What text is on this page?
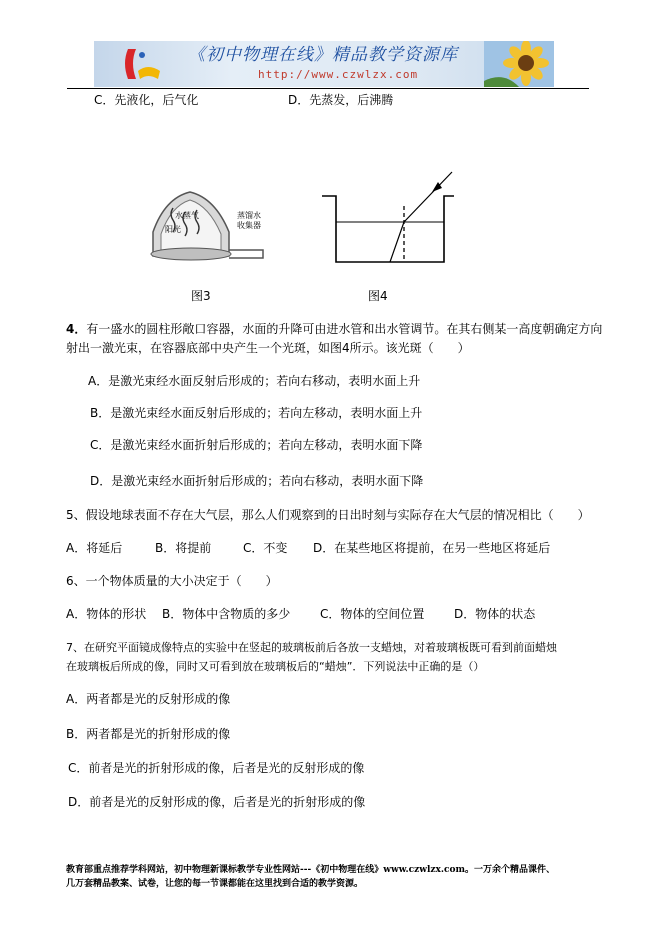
《初中物理在线》精品教学资源库
http://www.czwlzx.com
C．先液化，后气化	D．先蒸发，后沸腾
水蒸气
阳光
蒸馏水
收集器
图3	图4
4．有一盛水的圆柱形敞口容器，水面的升降可由进水管和出水管调节。在其右侧某一高度朝确定方向
射出一激光束，在容器底部中央产生一个光斑，如图4所示。该光斑（　　）
A．是激光束经水面反射后形成的；若向右移动，表明水面上升
B．是激光束经水面反射后形成的；若向左移动，表明水面上升
C．是激光束经水面折射后形成的；若向左移动，表明水面下降
D．是激光束经水面折射后形成的；若向右移动，表明水面下降
5、假设地球表面不存在大气层，那么人们观察到的日出时刻与实际存在大气层的情况相比（　　）
A．将延后	B．将提前	C．不变 D．在某些地区将提前，在另一些地区将延后
6、一个物体质量的大小决定于（　　）
A．物体的形状 B．物体中含物质的多少 C．物体的空间位置 D．物体的状态
7、在研究平面镜成像特点的实验中在竖起的玻璃板前后各放一支蜡烛，对着玻璃板既可看到前面蜡烛
在玻璃板后所成的像，同时又可看到放在玻璃板后的“蜡烛”．下列说法中正确的是（）
A．两者都是光的反射形成的像
B．两者都是光的折射形成的像
C．前者是光的折射形成的像，后者是光的反射形成的像
D．前者是光的反射形成的像，后者是光的折射形成的像
教育部重点推荐学科网站，初中物理新课标教学专业性网站---《初中物理在线》www.czwlzx.com。一万余个精品课件、
几万套精品教案、试卷，让您的每一节课都能在这里找到合适的教学资源。
